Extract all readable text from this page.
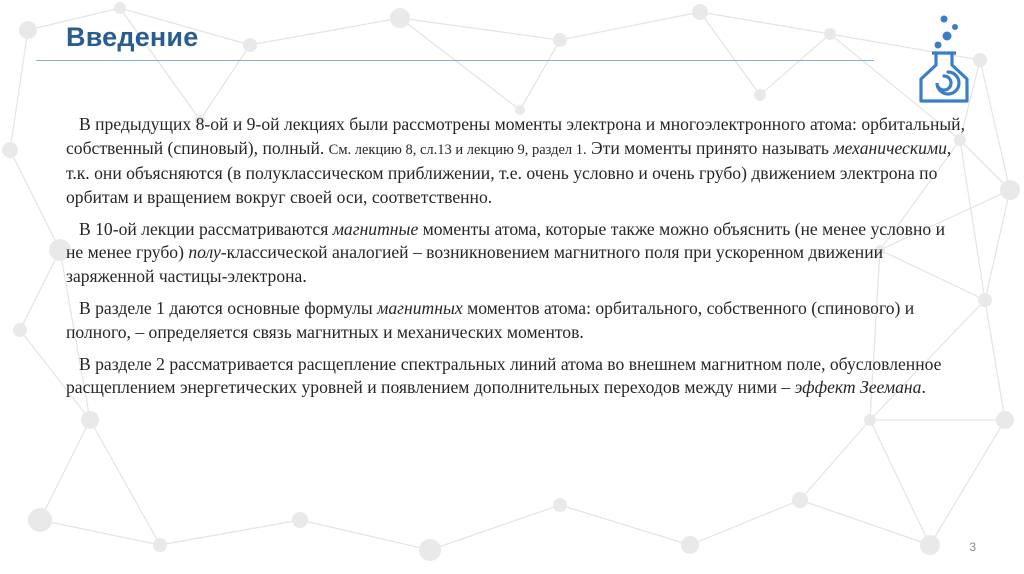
Введение

В предыдущих 8-ой и 9-ой лекциях были рассмотрены моменты электрона и многоэлектронного атома: орбитальный, собственный (спиновый), полный. См. лекцию 8, сл.13 и лекцию 9, раздел 1. Эти моменты принято называть механическими, т.к. они объясняются (в полуклассическом приближении, т.е. очень условно и очень грубо) движением электрона по орбитам и вращением вокруг своей оси, соответственно.

В 10-ой лекции рассматриваются магнитные моменты атома, которые также можно объяснить (не менее условно и не менее грубо) полу-классической аналогией – возникновением магнитного поля при ускоренном движении заряженной частицы-электрона.

В разделе 1 даются основные формулы магнитных моментов атома: орбитального, собственного (спинового) и полного, – определяется связь магнитных и механических моментов.

В разделе 2 рассматривается расщепление спектральных линий атома во внешнем магнитном поле, обусловленное расщеплением энергетических уровней и появлением дополнительных переходов между ними – эффект Зеемана.

3
